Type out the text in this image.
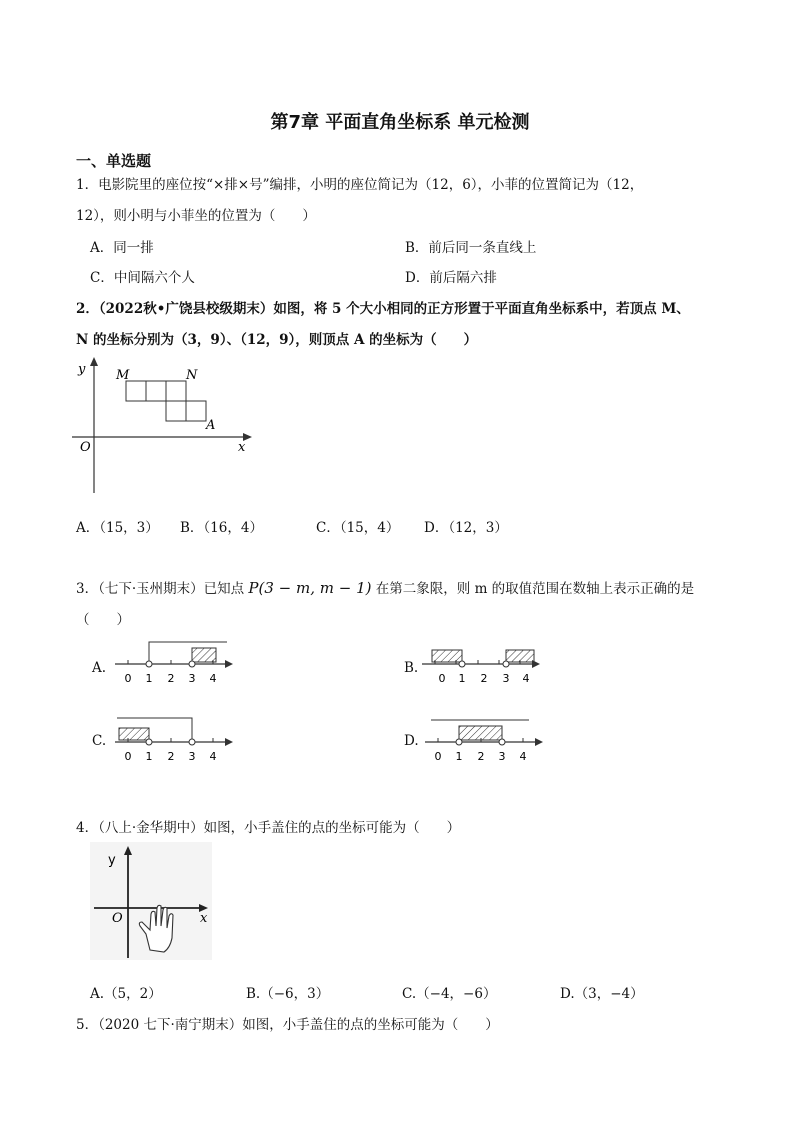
第7章 平面直角坐标系 单元检测
一、单选题
1．电影院里的座位按“×排×号”编排，小明的座位简记为（12，6），小菲的位置简记为（12，
12），则小明与小菲坐的位置为（　　）
A．同一排	B．前后同一条直线上
C．中间隔六个人	D．前后隔六排
2．（2022秋•广饶县校级期末）如图，将 5 个大小相同的正方形置于平面直角坐标系中，若顶点 M、
N 的坐标分别为（3，9）、（12，9），则顶点 A 的坐标为（　　）
y
x
O
M	N
A
A．（15，3） B．（16，4）	C．（15，4） D．（12，3）
3．（七下·玉州期末）已知点 P(3 − m, m − 1) 在第二象限，则 m 的取值范围在数轴上表示正确的是
（　　）
A.
0 1 2 3 4
B.
0 1 2 3 4
C.
0 1 2 3 4
D.
0 1 2 3 4
4．（八上·金华期中）如图，小手盖住的点的坐标可能为（　　）
y
x
O
A.（5，2）	B.（−6，3）	C.（−4，−6）	D.（3，−4）
5．（2020 七下·南宁期末）如图，小手盖住的点的坐标可能为（　　）
